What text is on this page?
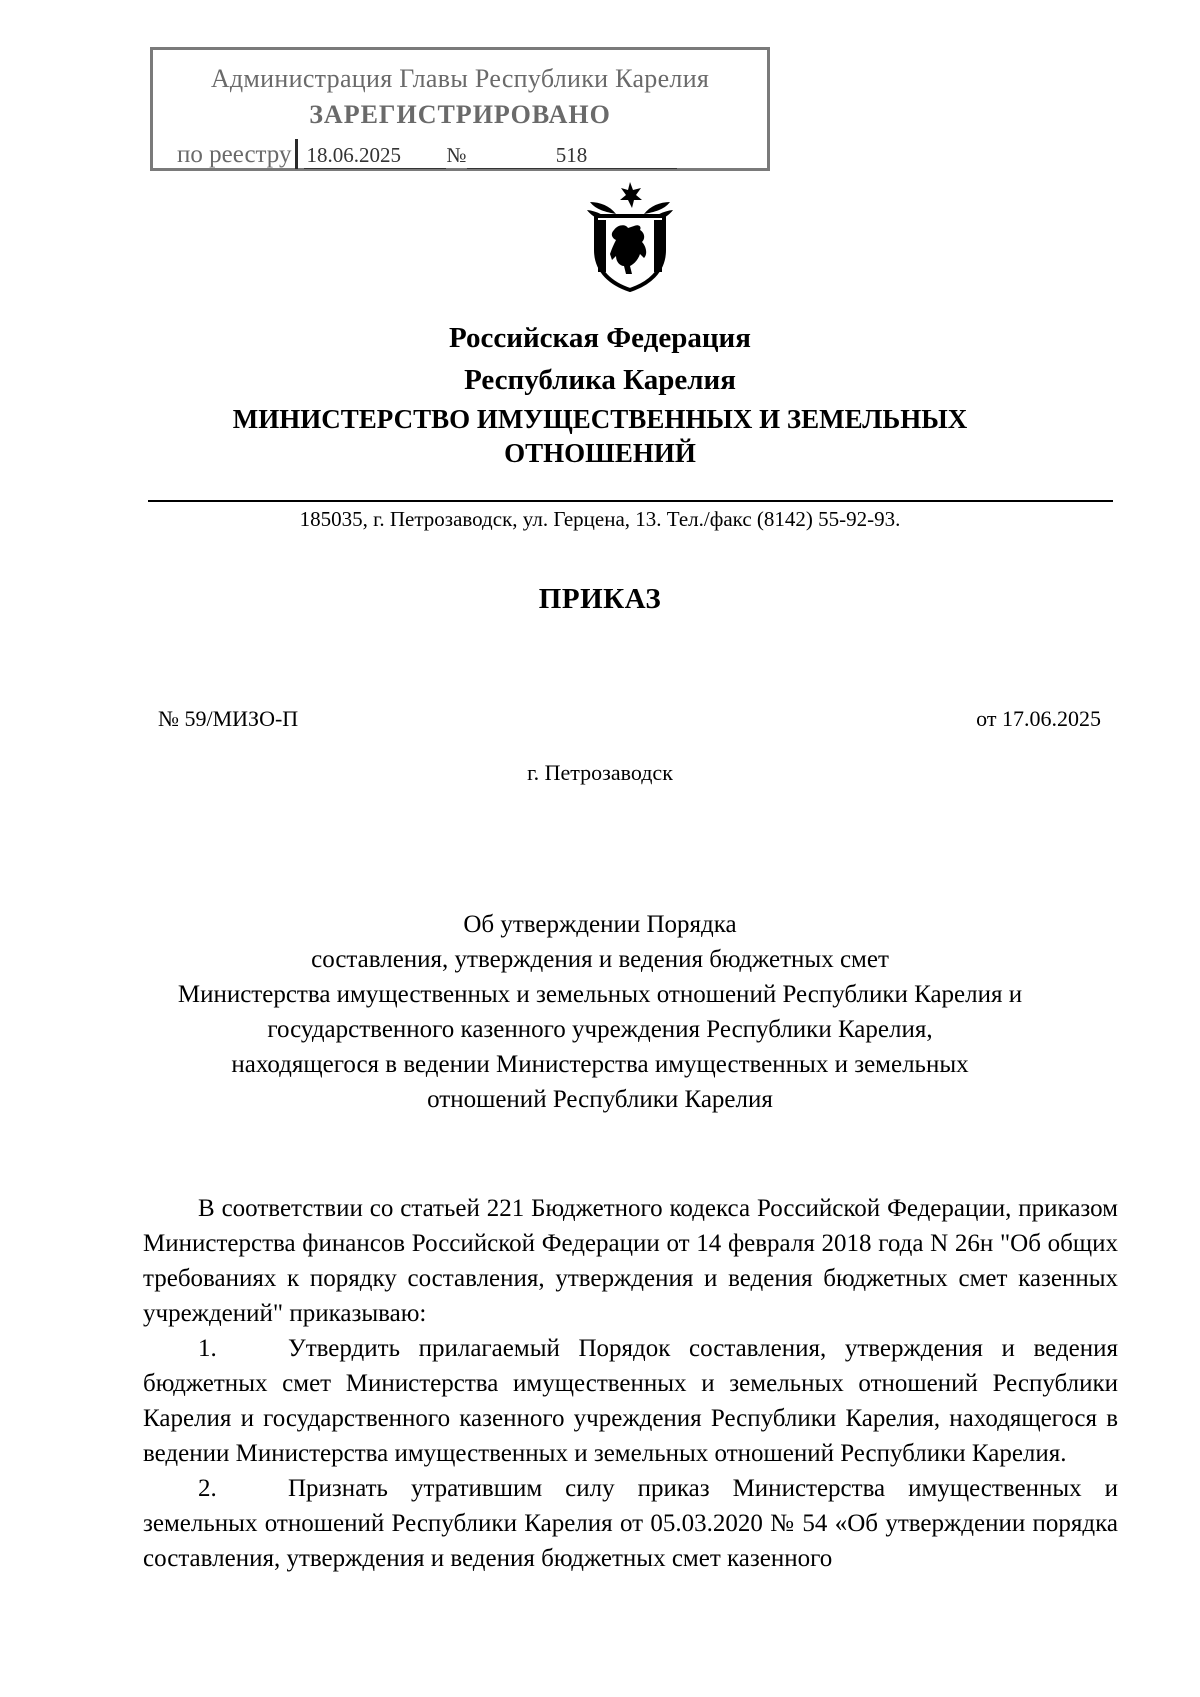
Администрация Главы Республики Карелия
ЗАРЕГИСТРИРОВАНО
по реестру 18.06.2025 №	518
Российская Федерация
Республика Карелия
МИНИСТЕРСТВО ИМУЩЕСТВЕННЫХ И ЗЕМЕЛЬНЫХ
ОТНОШЕНИЙ
185035, г. Петрозаводск, ул. Герцена, 13. Тел./факс (8142) 55-92-93.
ПРИКАЗ
№ 59/МИЗО-П	от 17.06.2025
г. Петрозаводск
Об утверждении Порядка
составления, утверждения и ведения бюджетных смет
Министерства имущественных и земельных отношений Республики Карелия и
государственного казенного учреждения Республики Карелия,
находящегося в ведении Министерства имущественных и земельных
отношений Республики Карелия

В соответствии со статьей 221 Бюджетного кодекса Российской Федерации, приказом Министерства финансов Российской Федерации от 14 февраля 2018 года N 26н "Об общих требованиях к порядку составления, утверждения и ведения бюджетных смет казенных учреждений" приказываю:

1.	Утвердить прилагаемый Порядок составления, утверждения и ведения бюджетных смет Министерства имущественных и земельных отношений Республики Карелия и государственного казенного учреждения Республики Карелия, находящегося в ведении Министерства имущественных и земельных отношений Республики Карелия.

2.	Признать утратившим силу приказ Министерства имущественных и земельных отношений Республики Карелия от 05.03.2020 № 54 «Об утверждении порядка составления, утверждения и ведения бюджетных смет казенного
